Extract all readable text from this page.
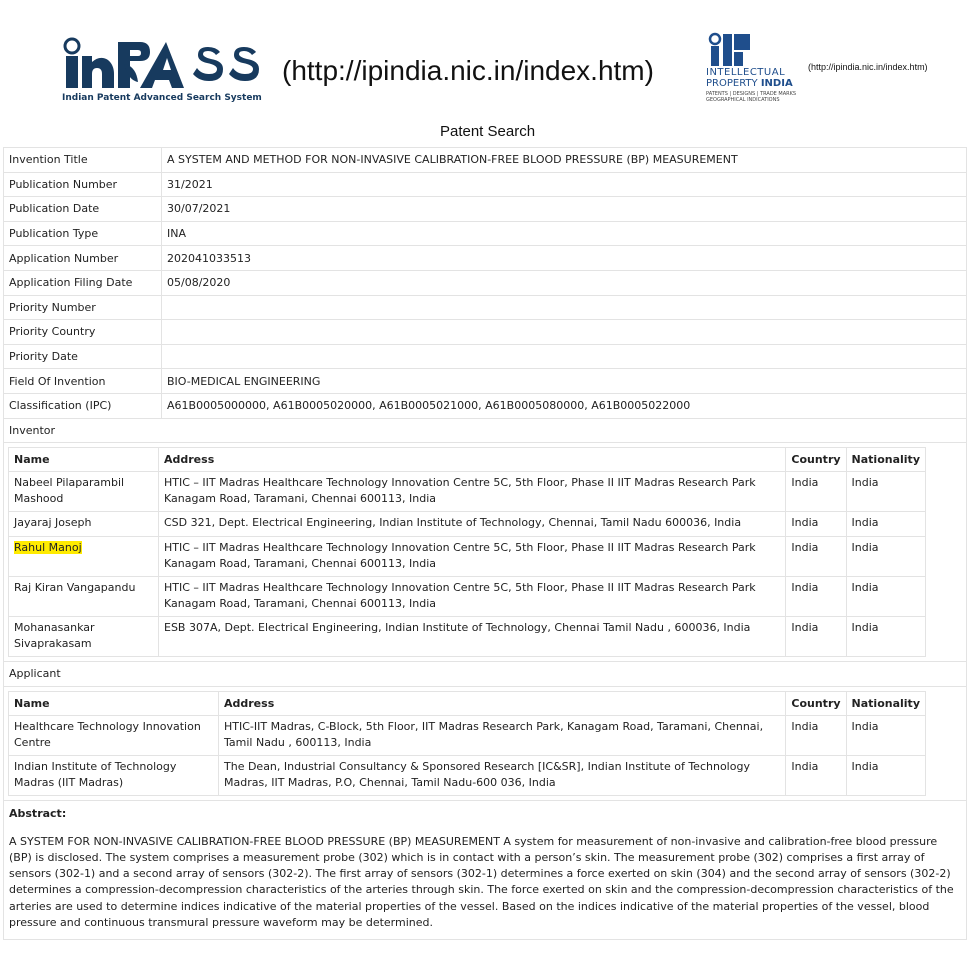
Indian Patent Advanced Search System
(http://ipindia.nic.in/index.htm)	INTELLECTUAL
PROPERTY INDIA
PATENTS | DESIGNS | TRADE MARKS
GEOGRAPHICAL INDICATIONS
(http://ipindia.nic.in/index.htm)
Patent Search
Invention Title	A SYSTEM AND METHOD FOR NON-INVASIVE CALIBRATION-FREE BLOOD PRESSURE (BP) MEASUREMENT
Publication Number	31/2021
Publication Date	30/07/2021
Publication Type	INA
Application Number	202041033513
Application Filing Date	05/08/2020
Priority Number	
Priority Country	
Priority Date	
Field Of Invention	BIO-MEDICAL ENGINEERING
Classification (IPC)	A61B0005000000, A61B0005020000, A61B0005021000, A61B0005080000, A61B0005022000
Inventor

Name	Address	Country	Nationality
Nabeel Pilaparambil Mashood	HTIC – IIT Madras Healthcare Technology Innovation Centre 5C, 5th Floor, Phase II IIT Madras Research Park Kanagam Road, Taramani, Chennai 600113, India	India	India
Jayaraj Joseph	CSD 321, Dept. Electrical Engineering, Indian Institute of Technology, Chennai, Tamil Nadu 600036, India	India	India
Rahul Manoj	HTIC – IIT Madras Healthcare Technology Innovation Centre 5C, 5th Floor, Phase II IIT Madras Research Park Kanagam Road, Taramani, Chennai 600113, India	India	India
Raj Kiran Vangapandu	HTIC – IIT Madras Healthcare Technology Innovation Centre 5C, 5th Floor, Phase II IIT Madras Research Park Kanagam Road, Taramani, Chennai 600113, India	India	India
Mohanasankar Sivaprakasam	ESB 307A, Dept. Electrical Engineering, Indian Institute of Technology, Chennai Tamil Nadu , 600036, India	India	India

Applicant

Name	Address	Country	Nationality
Healthcare Technology Innovation Centre	HTIC-IIT Madras, C-Block, 5th Floor, IIT Madras Research Park, Kanagam Road, Taramani, Chennai, Tamil Nadu , 600113, India	India	India
Indian Institute of Technology Madras (IIT Madras)	The Dean, Industrial Consultancy & Sponsored Research [IC&SR], Indian Institute of Technology Madras, IIT Madras, P.O, Chennai, Tamil Nadu-600 036, India	India	India

Abstract:
A SYSTEM FOR NON-INVASIVE CALIBRATION-FREE BLOOD PRESSURE (BP) MEASUREMENT A system for measurement of non-invasive and calibration-free blood pressure (BP) is disclosed. The system comprises a measurement probe (302) which is in contact with a person’s skin. The measurement probe (302) comprises a first array of sensors (302-1) and a second array of sensors (302-2). The first array of sensors (302-1) determines a force exerted on skin (304) and the second array of sensors (302-2) determines a compression-decompression characteristics of the arteries through skin. The force exerted on skin and the compression-decompression characteristics of the arteries are used to determine indices indicative of the material properties of the vessel. Based on the indices indicative of the material properties of the vessel, blood pressure and continuous transmural pressure waveform may be determined.
